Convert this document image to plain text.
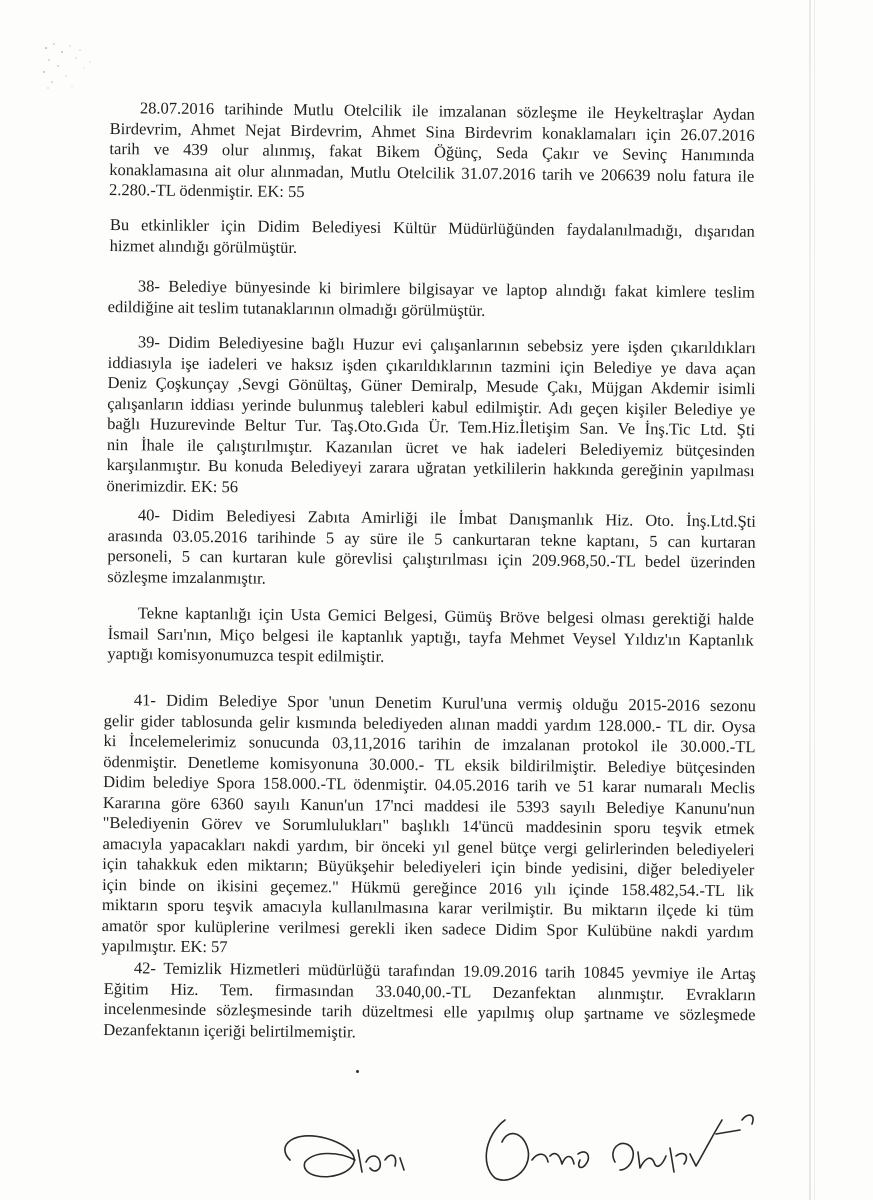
28.07.2016 tarihinde Mutlu Otelcilik ile imzalanan sözleşme ile Heykeltraşlar Aydan
Birdevrim, Ahmet Nejat Birdevrim, Ahmet Sina Birdevrim konaklamaları için 26.07.2016
tarih ve 439 olur alınmış, fakat Bikem Öğünç, Seda Çakır ve Sevinç Hanımında
konaklamasına ait olur alınmadan, Mutlu Otelcilik 31.07.2016 tarih ve 206639 nolu fatura ile
2.280.-TL ödenmiştir. EK: 55
Bu etkinlikler için Didim Belediyesi Kültür Müdürlüğünden faydalanılmadığı, dışarıdan
hizmet alındığı görülmüştür.
38- Belediye bünyesinde ki birimlere bilgisayar ve laptop alındığı fakat kimlere teslim
edildiğine ait teslim tutanaklarının olmadığı görülmüştür.
39- Didim Belediyesine bağlı Huzur evi çalışanlarının sebebsiz yere işden çıkarıldıkları
iddiasıyla işe iadeleri ve haksız işden çıkarıldıklarının tazmini için Belediye ye dava açan
Deniz Çoşkunçay ,Sevgi Gönültaş, Güner Demiralp, Mesude Çakı, Müjgan Akdemir isimli
çalışanların iddiası yerinde bulunmuş talebleri kabul edilmiştir. Adı geçen kişiler Belediye ye
bağlı Huzurevinde Beltur Tur. Taş.Oto.Gıda Ür. Tem.Hiz.İletişim San. Ve İnş.Tic Ltd. Şti
nin İhale ile çalıştırılmıştır. Kazanılan ücret ve hak iadeleri Belediyemiz bütçesinden
karşılanmıştır. Bu konuda Belediyeyi zarara uğratan yetkililerin hakkında gereğinin yapılması
önerimizdir. EK: 56
40- Didim Belediyesi Zabıta Amirliği ile İmbat Danışmanlık Hiz. Oto. İnş.Ltd.Şti
arasında 03.05.2016 tarihinde 5 ay süre ile 5 cankurtaran tekne kaptanı, 5 can kurtaran
personeli, 5 can kurtaran kule görevlisi çalıştırılması için 209.968,50.-TL bedel üzerinden
sözleşme imzalanmıştır.
Tekne kaptanlığı için Usta Gemici Belgesi, Gümüş Bröve belgesi olması gerektiği halde
İsmail Sarı'nın, Miço belgesi ile kaptanlık yaptığı, tayfa Mehmet Veysel Yıldız'ın Kaptanlık
yaptığı komisyonumuzca tespit edilmiştir.
41- Didim Belediye Spor 'unun Denetim Kurul'una vermiş olduğu 2015-2016 sezonu
gelir gider tablosunda gelir kısmında belediyeden alınan maddi yardım 128.000.- TL dir. Oysa
ki İncelemelerimiz sonucunda 03,11,2016 tarihin de imzalanan protokol ile 30.000.-TL
ödenmiştir. Denetleme komisyonuna 30.000.- TL eksik bildirilmiştir. Belediye bütçesinden
Didim belediye Spora 158.000.-TL ödenmiştir. 04.05.2016 tarih ve 51 karar numaralı Meclis
Kararına göre 6360 sayılı Kanun'un 17'nci maddesi ile 5393 sayılı Belediye Kanunu'nun
"Belediyenin Görev ve Sorumlulukları" başlıklı 14'üncü maddesinin sporu teşvik etmek
amacıyla yapacakları nakdi yardım, bir önceki yıl genel bütçe vergi gelirlerinden belediyeleri
için tahakkuk eden miktarın; Büyükşehir belediyeleri için binde yedisini, diğer belediyeler
için binde on ikisini geçemez." Hükmü gereğince 2016 yılı içinde 158.482,54.-TL lik
miktarın sporu teşvik amacıyla kullanılmasına karar verilmiştir. Bu miktarın ilçede ki tüm
amatör spor kulüplerine verilmesi gerekli iken sadece Didim Spor Kulübüne nakdi yardım
yapılmıştır. EK: 57
42- Temizlik Hizmetleri müdürlüğü tarafından 19.09.2016 tarih 10845 yevmiye ile Artaş
Eğitim Hiz. Tem. firmasından 33.040,00.-TL Dezanfektan alınmıştır. Evrakların
incelenmesinde sözleşmesinde tarih düzeltmesi elle yapılmış olup şartname ve sözleşmede
Dezanfektanın içeriği belirtilmemiştir.
